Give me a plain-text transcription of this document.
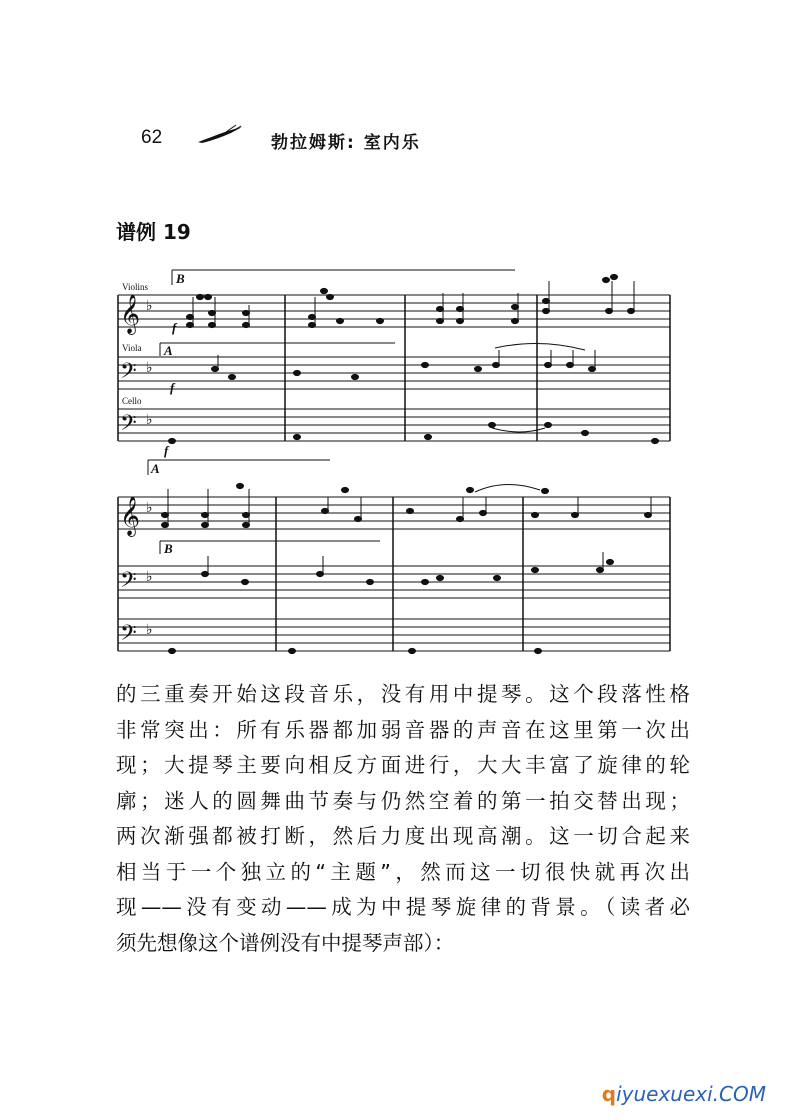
62	勃拉姆斯: 室内乐
谱例 19
𝄞
𝄢
𝄢
𝄞
𝄢
𝄢
♭
♭
♭
♭
♭
♭
Violins
Viola
Cello
B
A
A
B
f
f
f

的三重奏开始这段音乐，没有用中提琴。这个段落性格
非常突出：所有乐器都加弱音器的声音在这里第一次出
现；大提琴主要向相反方面进行，大大丰富了旋律的轮
廓；迷人的圆舞曲节奏与仍然空着的第一拍交替出现；
两次渐强都被打断，然后力度出现高潮。这一切合起来
相当于一个独立的“主题”，然而这一切很快就再次出
现——没有变动——成为中提琴旋律的背景。（读者必
须先想像这个谱例没有中提琴声部）：

qiyuexuexi.COM
